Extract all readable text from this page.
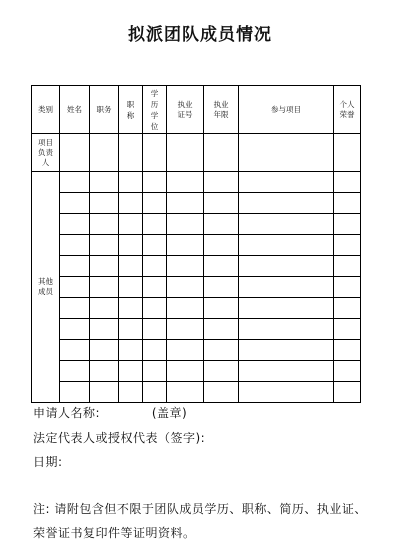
拟派团队成员情况
类别	姓名	职务	职称	学历学位	执业证号	执业年限	参与项目	个人荣誉
项目负责人								
其他成员								

申请人名称:            (盖章)
法定代表人或授权代表（签字):
日期:
注: 请附包含但不限于团队成员学历、职称、简历、执业证、
荣誉证书复印件等证明资料。
